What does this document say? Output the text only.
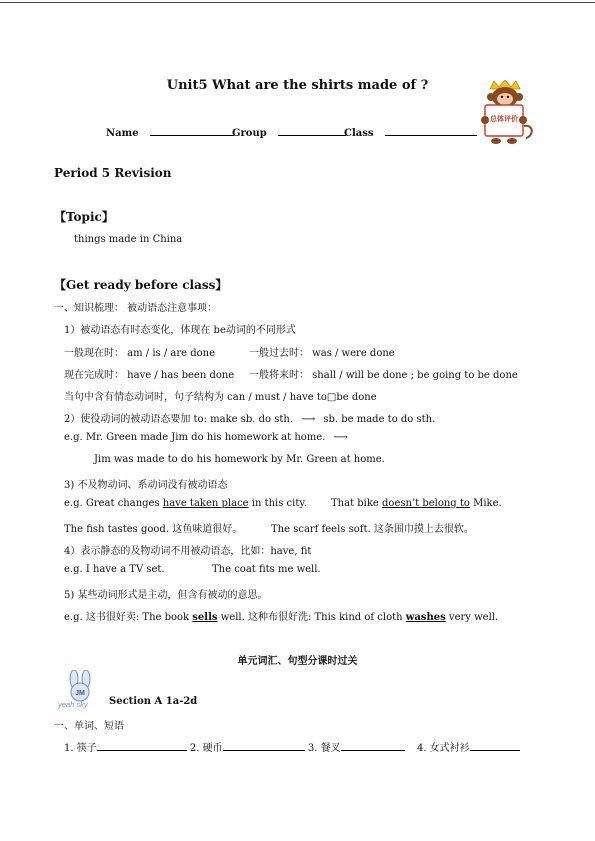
Unit5 What are the shirts made of ?
总体评价
Name	Group	Class
Period 5 Revision
【Topic】
things made in China
【Get ready before class】
一、知识梳理： 被动语态注意事项：
1）被动语态有时态变化，体现在 be动词的不同形式
一般现在时： am / is / are done	一般过去时： was / were done
现在完成时： have / has been done 一般将来时： shall / will be done ; be going to be done
当句中含有情态动词时，句子结构为 can / must / have to□be done
2）使役动词的被动语态要加 to: make sb. do sth. ⟶ sb. be made to do sth.
e.g. Mr. Green made Jim do his homework at home. ⟶
Jim was made to do his homework by Mr. Green at home.
3) 不及物动词、系动词没有被动语态
e.g. Great changes have taken place in this city. That bike doesn’t belong to Mike.
The fish tastes good. 这鱼味道很好。	The scarf feels soft. 这条围巾摸上去很软。
4）表示静态的及物动词不用被动语态，比如：have, fit
e.g. I have a TV set.	The coat fits me well.
5) 某些动词形式是主动，但含有被动的意思。
e.g. 这书很好卖: The book sells well. 这种布很好洗: This kind of cloth washes very well.
单元词汇、句型分课时过关
JM
yeah sky Section A 1a-2d
一、单词、短语
1. 筷子	2. 硬币	3. 餐叉	4. 女式衬衫
